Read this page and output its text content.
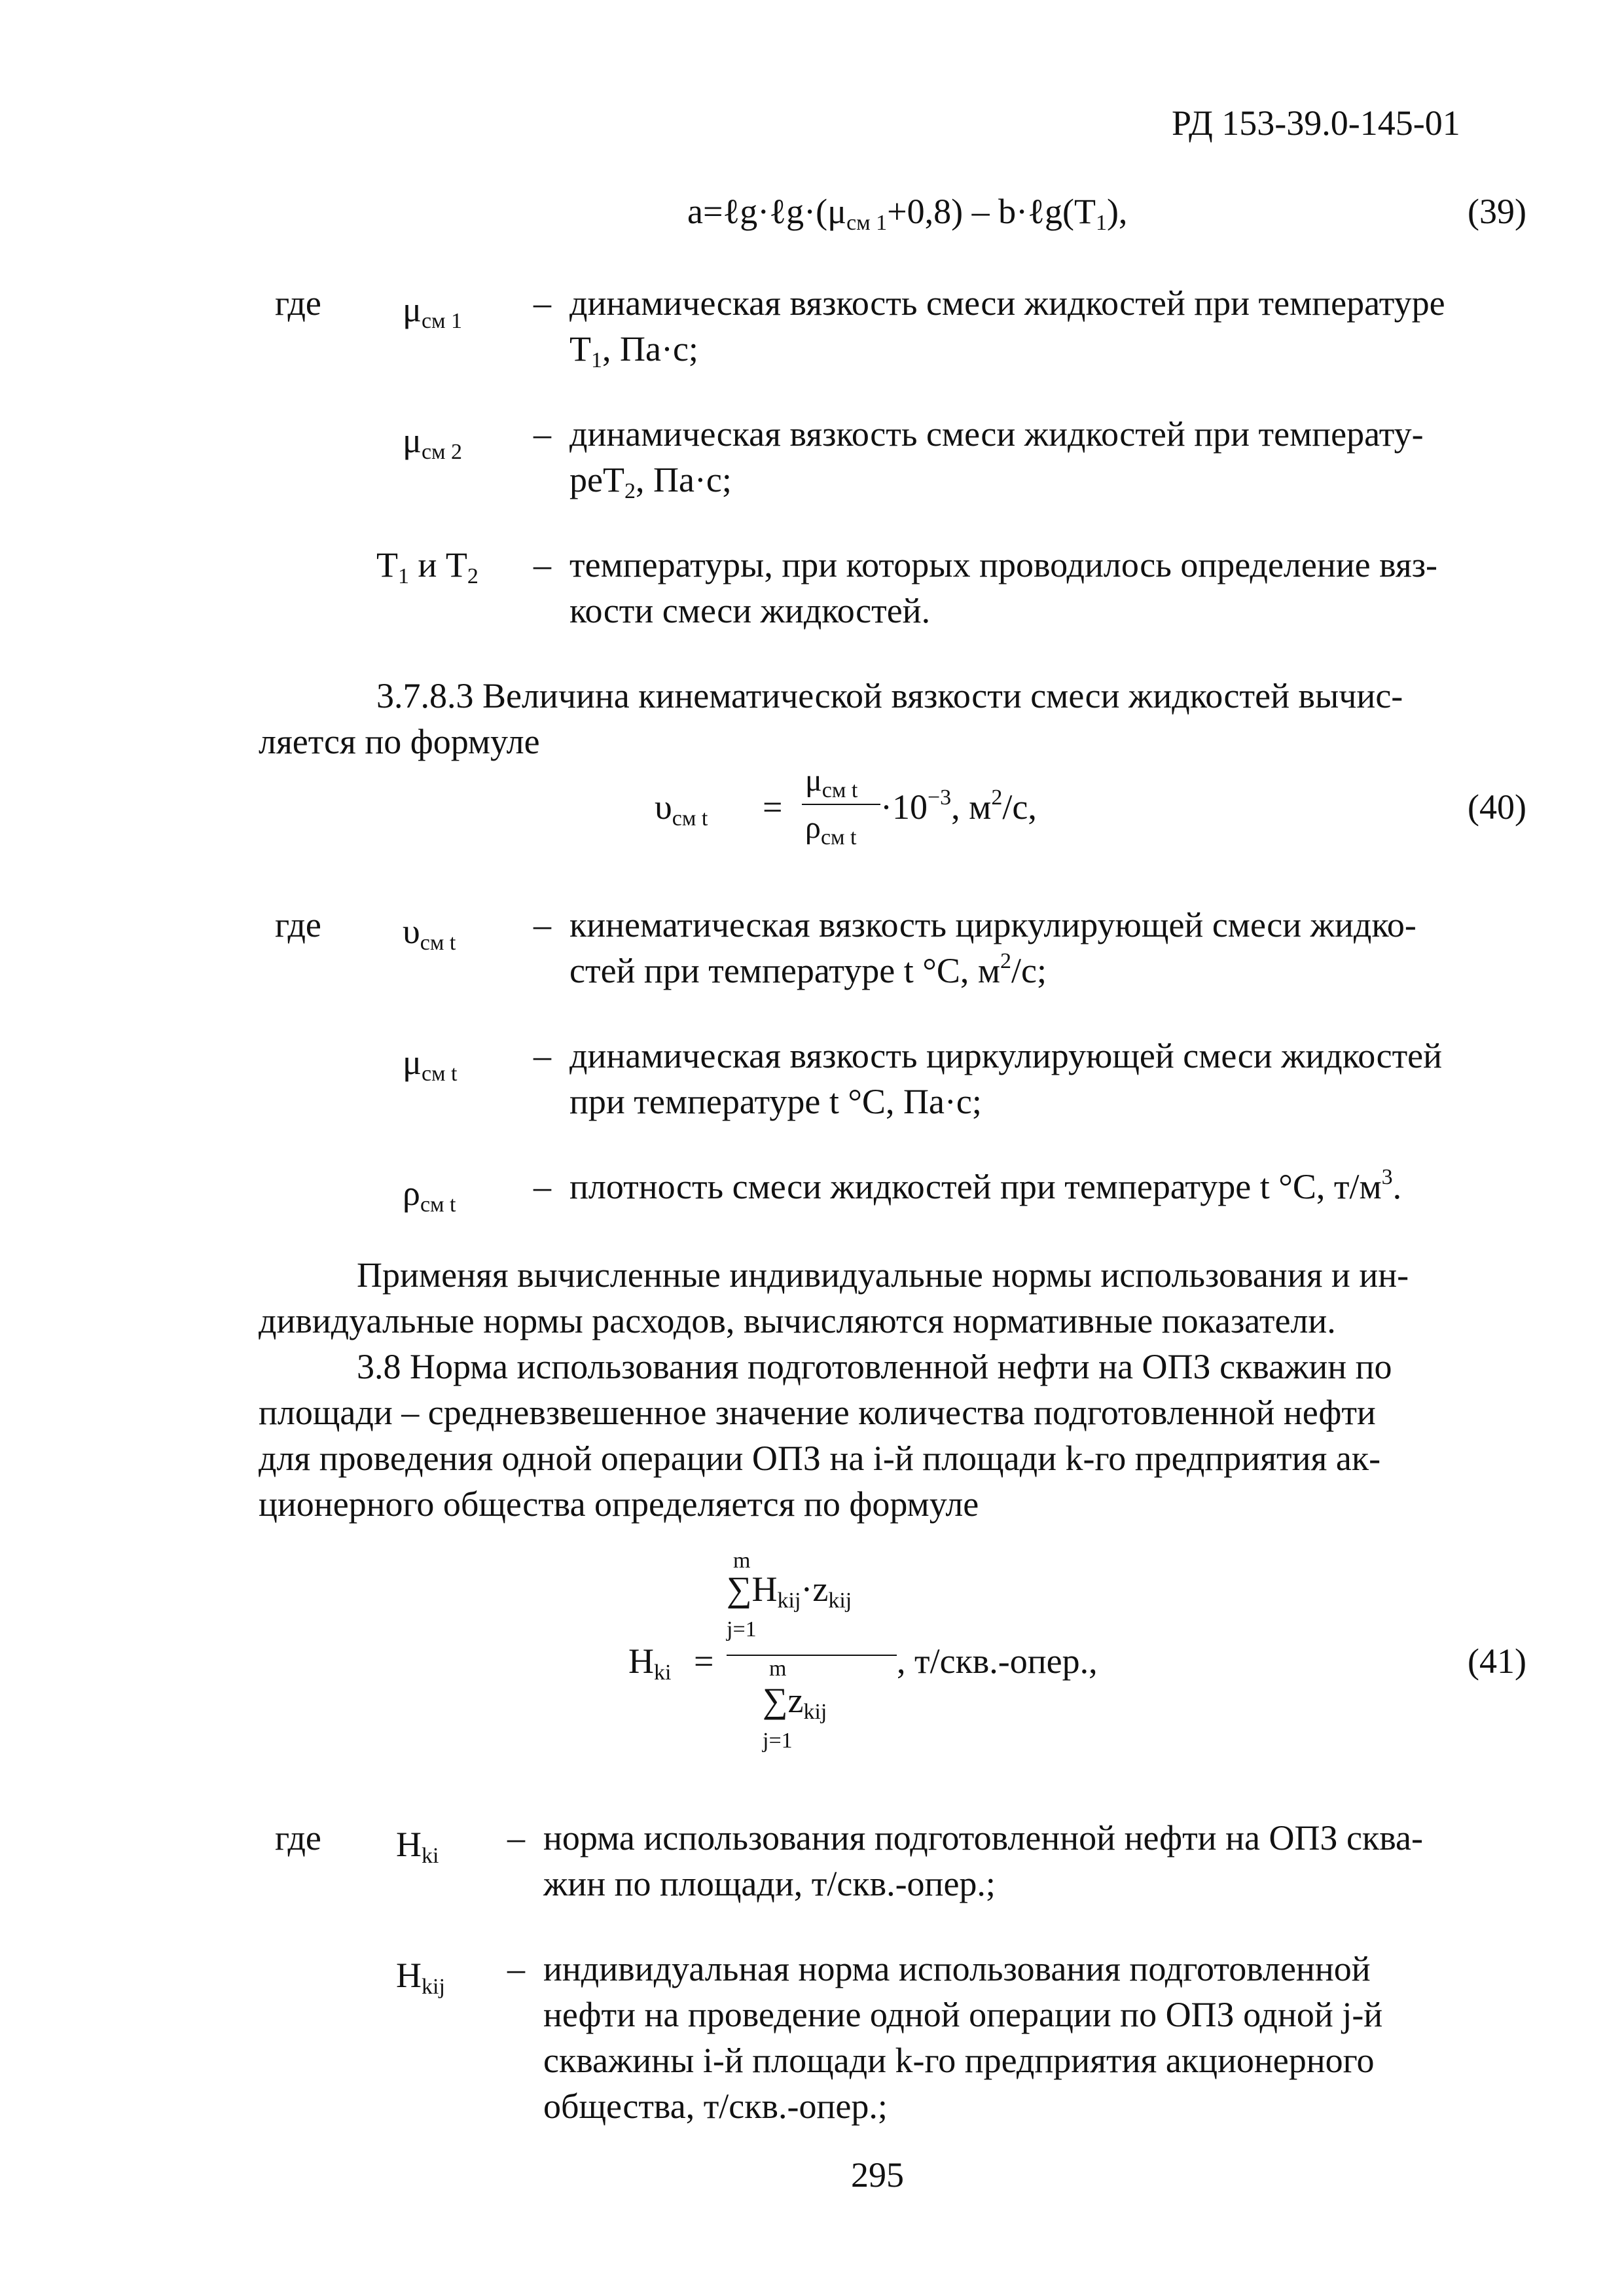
РД 153-39.0-145-01
$a=\ell g\cdot\ell g\cdot(\mu_{см 1}+0,8)$ – $b\cdot\ell g(T_1)$,	(39)
где $\mu_{см 1}$ – динамическая вязкость смеси жидкостей при температуре
$T_1$, Па·с;
$\mu_{см 2}$ – динамическая вязкость смеси жидкостей при температу-
реT$_2$, Па·с;
$T_1$ и $T_2$ – температуры, при которых проводилось определение вяз-
кости смеси жидкостей.
3.7.8.3 Величина кинематической вязкости смеси жидкостей вычис-
ляется по формуле
$\upsilon_{см t}$ =
$\mu_{см t}$
$\rho_{см t}$
$\cdot 10^{-3}$, $м^2/с$,	(40)
где $\upsilon_{см t}$ – кинематическая вязкость циркулирующей смеси жидко-
стей при температуре t °С, $м^2/с$;
$\mu_{см t}$ – динамическая вязкость циркулирующей смеси жидкостей
при температуре t °С, Па·с;
$\rho_{см t}$ – плотность смеси жидкостей при температуре t °С, $т/м^3$.
Применяя вычисленные индивидуальные нормы использования и ин-
дивидуальные нормы расходов, вычисляются нормативные показатели.
3.8 Норма использования подготовленной нефти на ОПЗ скважин по
площади – средневзвешенное значение количества подготовленной нефти
для проведения одной операции ОПЗ на i-й площади k-го предприятия ак-
ционерного общества определяется по формуле
$H_{ki}$ =
m
$\sum H_{kij}\cdot z_{kij}$
j=1
m
$\sum z_{kij}$
j=1
, т/скв.-опер.,	(41)
где $H_{ki}$ – норма использования подготовленной нефти на ОПЗ сква-
жин по площади, т/скв.-опер.;
$H_{kij}$ – индивидуальная норма использования подготовленной
нефти на проведение одной операции по ОПЗ одной j-й
скважины i-й площади k-го предприятия акционерного
общества, т/скв.-опер.;
295
